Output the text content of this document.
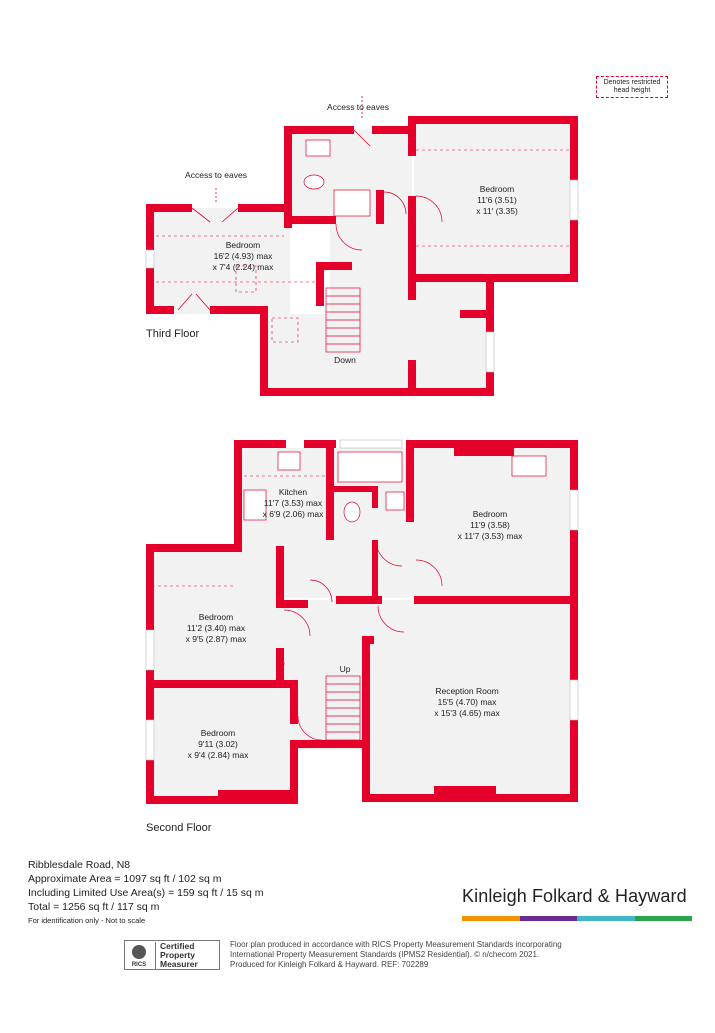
Access to eaves
Access to eaves
Bedroom
16'2 (4.93) max
x 7'4 (2.24) max
Bedroom
11'6 (3.51)
x 11' (3.35)
Down
Third Floor
Kitchen
11'7 (3.53) max
x 6'9 (2.06) max	Bedroom
11'9 (3.58)
x 11'7 (3.53) max
Bedroom
11'2 (3.40) max
x 9'5 (2.87) max
Reception Room
15'5 (4.70) max
x 15'3 (4.65) max
Bedroom
9'11 (3.02)
x 9'4 (2.84) max
Up
Second Floor
Denotes restricted head height
Ribblesdale Road, N8
Approximate Area = 1097 sq ft / 102 sq m
Including Limited Use Area(s) = 159 sq ft / 15 sq m
Total = 1256 sq ft / 117 sq m
For identification only - Not to scale
Kinleigh Folkard & Hayward
RICS
Certified
Property
Measurer
Floor plan produced in accordance with RICS Property Measurement Standards incorporating
International Property Measurement Standards (IPMS2 Residential). © n/checom 2021.
Produced for Kinleigh Folkard & Hayward. REF: 702289
